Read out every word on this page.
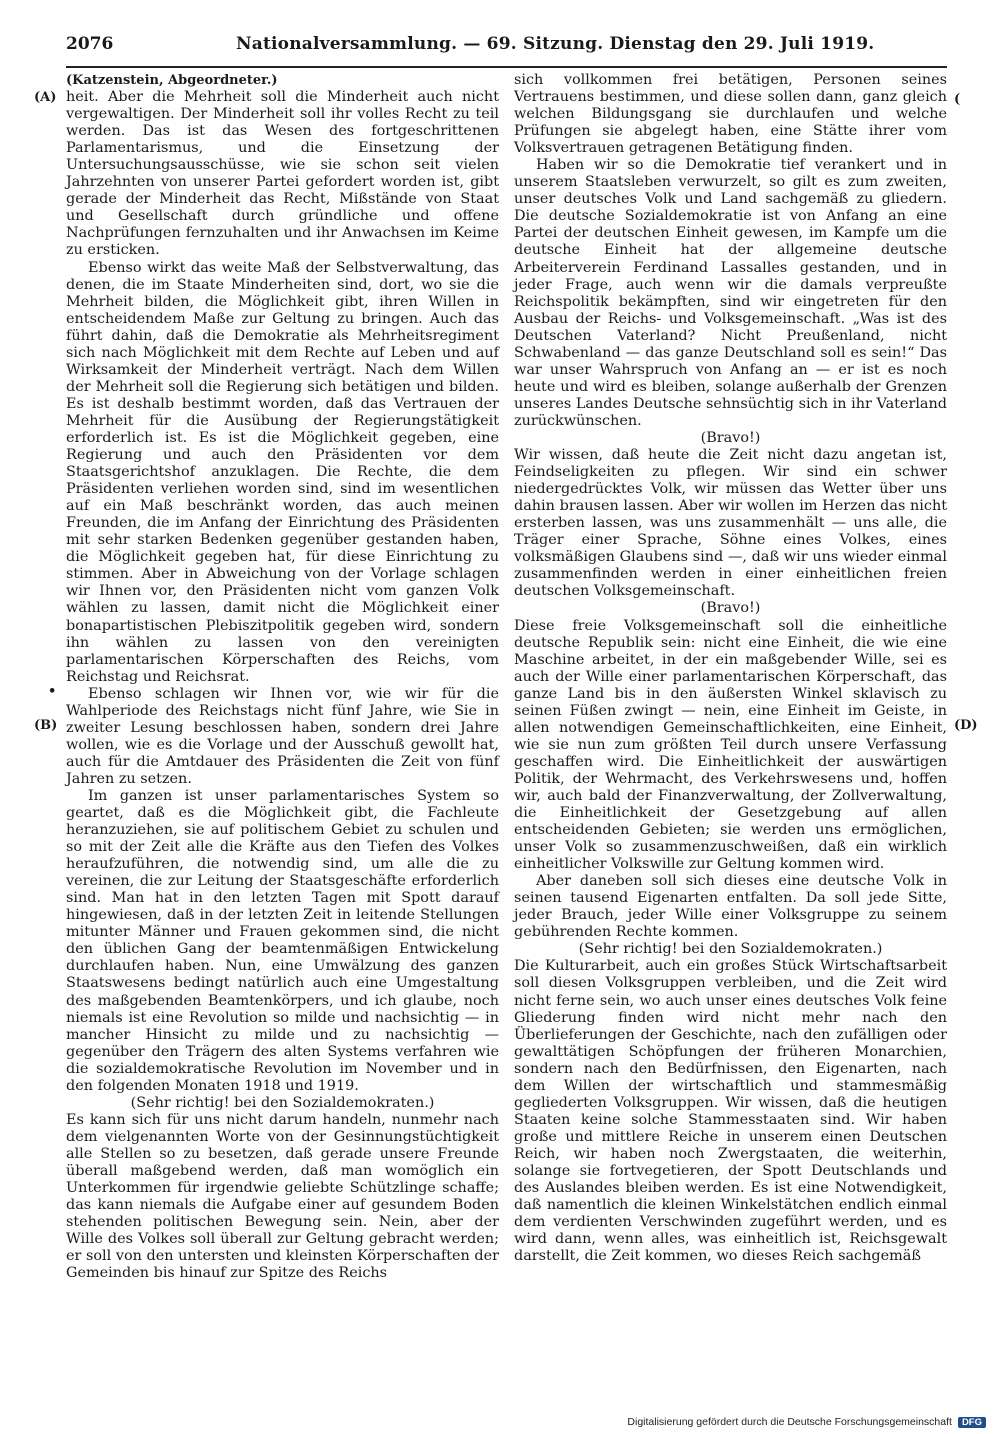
2076	Nationalversammlung. — 69. Sitzung. Dienstag den 29. Juli 1919.
(A)
(B)
•
(D)
(

(Katzenstein, Abgeordneter.)

heit. Aber die Mehrheit soll die Minderheit auch nicht vergewaltigen. Der Minderheit soll ihr volles Recht zu teil werden. Das ist das Wesen des fortgeschrittenen Parlamentarismus, und die Einsetzung der Untersuchungsausschüsse, wie sie schon seit vielen Jahrzehnten von unserer Partei gefordert worden ist, gibt gerade der Minderheit das Recht, Mißstände von Staat und Gesellschaft durch gründliche und offene Nachprüfungen fernzuhalten und ihr Anwachsen im Keime zu ersticken.

Ebenso wirkt das weite Maß der Selbstverwaltung, das denen, die im Staate Minderheiten sind, dort, wo sie die Mehrheit bilden, die Möglichkeit gibt, ihren Willen in entscheidendem Maße zur Geltung zu bringen. Auch das führt dahin, daß die Demokratie als Mehrheitsregiment sich nach Möglichkeit mit dem Rechte auf Leben und auf Wirksamkeit der Minderheit verträgt. Nach dem Willen der Mehrheit soll die Regierung sich betätigen und bilden. Es ist deshalb bestimmt worden, daß das Vertrauen der Mehrheit für die Ausübung der Regierungstätigkeit erforderlich ist. Es ist die Möglichkeit gegeben, eine Regierung und auch den Präsidenten vor dem Staatsgerichtshof anzuklagen. Die Rechte, die dem Präsidenten verliehen worden sind, sind im wesentlichen auf ein Maß beschränkt worden, das auch meinen Freunden, die im Anfang der Einrichtung des Präsidenten mit sehr starken Bedenken gegenüber gestanden haben, die Möglichkeit gegeben hat, für diese Einrichtung zu stimmen. Aber in Abweichung von der Vorlage schlagen wir Ihnen vor, den Präsidenten nicht vom ganzen Volk wählen zu lassen, damit nicht die Möglichkeit einer bonapartistischen Plebiszitpolitik gegeben wird, sondern ihn wählen zu lassen von den vereinigten parlamentarischen Körperschaften des Reichs, vom Reichstag und Reichsrat.

Ebenso schlagen wir Ihnen vor, wie wir für die Wahlperiode des Reichstags nicht fünf Jahre, wie Sie in zweiter Lesung beschlossen haben, sondern drei Jahre wollen, wie es die Vorlage und der Ausschuß gewollt hat, auch für die Amtdauer des Präsidenten die Zeit von fünf Jahren zu setzen.

Im ganzen ist unser parlamentarisches System so geartet, daß es die Möglichkeit gibt, die Fachleute heranzuziehen, sie auf politischem Gebiet zu schulen und so mit der Zeit alle die Kräfte aus den Tiefen des Volkes heraufzuführen, die notwendig sind, um alle die zu vereinen, die zur Leitung der Staatsgeschäfte erforderlich sind. Man hat in den letzten Tagen mit Spott darauf hingewiesen, daß in der letzten Zeit in leitende Stellungen mitunter Männer und Frauen gekommen sind, die nicht den üblichen Gang der beamtenmäßigen Entwickelung durchlaufen haben. Nun, eine Umwälzung des ganzen Staatswesens bedingt natürlich auch eine Umgestaltung des maßgebenden Beamtenkörpers, und ich glaube, noch niemals ist eine Revolution so milde und nachsichtig — in mancher Hinsicht zu milde und zu nachsichtig — gegenüber den Trägern des alten Systems verfahren wie die sozialdemokratische Revolution im November und in den folgenden Monaten 1918 und 1919.

(Sehr richtig! bei den Sozialdemokraten.)

Es kann sich für uns nicht darum handeln, nunmehr nach dem vielgenannten Worte von der Gesinnungstüchtigkeit alle Stellen so zu besetzen, daß gerade unsere Freunde überall maßgebend werden, daß man womöglich ein Unterkommen für irgendwie geliebte Schützlinge schaffe; das kann niemals die Aufgabe einer auf gesundem Boden stehenden politischen Bewegung sein. Nein, aber der Wille des Volkes soll überall zur Geltung gebracht werden; er soll von den untersten und kleinsten Körperschaften der Gemeinden bis hinauf zur Spitze des Reichs

sich vollkommen frei betätigen, Personen seines Vertrauens bestimmen, und diese sollen dann, ganz gleich welchen Bildungsgang sie durchlaufen und welche Prüfungen sie abgelegt haben, eine Stätte ihrer vom Volksvertrauen getragenen Betätigung finden.

Haben wir so die Demokratie tief verankert und in unserem Staatsleben verwurzelt, so gilt es zum zweiten, unser deutsches Volk und Land sachgemäß zu gliedern. Die deutsche Sozialdemokratie ist von Anfang an eine Partei der deutschen Einheit gewesen, im Kampfe um die deutsche Einheit hat der allgemeine deutsche Arbeiterverein Ferdinand Lassalles gestanden, und in jeder Frage, auch wenn wir die damals verpreußte Reichspolitik bekämpften, sind wir eingetreten für den Ausbau der Reichs- und Volksgemeinschaft. „Was ist des Deutschen Vaterland? Nicht Preußenland, nicht Schwabenland — das ganze Deutschland soll es sein!“ Das war unser Wahrspruch von Anfang an — er ist es noch heute und wird es bleiben, solange außerhalb der Grenzen unseres Landes Deutsche sehnsüchtig sich in ihr Vaterland zurückwünschen.

(Bravo!)

Wir wissen, daß heute die Zeit nicht dazu angetan ist, Feindseligkeiten zu pflegen. Wir sind ein schwer niedergedrücktes Volk, wir müssen das Wetter über uns dahin brausen lassen. Aber wir wollen im Herzen das nicht ersterben lassen, was uns zusammenhält — uns alle, die Träger einer Sprache, Söhne eines Volkes, eines volksmäßigen Glaubens sind —, daß wir uns wieder einmal zusammenfinden werden in einer einheitlichen freien deutschen Volksgemeinschaft.

(Bravo!)

Diese freie Volksgemeinschaft soll die einheitliche deutsche Republik sein: nicht eine Einheit, die wie eine Maschine arbeitet, in der ein maßgebender Wille, sei es auch der Wille einer parlamentarischen Körperschaft, das ganze Land bis in den äußersten Winkel sklavisch zu seinen Füßen zwingt — nein, eine Einheit im Geiste, in allen notwendigen Gemeinschaftlichkeiten, eine Einheit, wie sie nun zum größten Teil durch unsere Verfassung geschaffen wird. Die Einheitlichkeit der auswärtigen Politik, der Wehrmacht, des Verkehrswesens und, hoffen wir, auch bald der Finanzverwaltung, der Zollverwaltung, die Einheitlichkeit der Gesetzgebung auf allen entscheidenden Gebieten; sie werden uns ermöglichen, unser Volk so zusammenzuschweißen, daß ein wirklich einheitlicher Volkswille zur Geltung kommen wird.

Aber daneben soll sich dieses eine deutsche Volk in seinen tausend Eigenarten entfalten. Da soll jede Sitte, jeder Brauch, jeder Wille einer Volksgruppe zu seinem gebührenden Rechte kommen.

(Sehr richtig! bei den Sozialdemokraten.)

Die Kulturarbeit, auch ein großes Stück Wirtschaftsarbeit soll diesen Volksgruppen verbleiben, und die Zeit wird nicht ferne sein, wo auch unser eines deutsches Volk feine Gliederung finden wird nicht mehr nach den Überlieferungen der Geschichte, nach den zufälligen oder gewalttätigen Schöpfungen der früheren Monarchien, sondern nach den Bedürfnissen, den Eigenarten, nach dem Willen der wirtschaftlich und stammesmäßig gegliederten Volksgruppen. Wir wissen, daß die heutigen Staaten keine solche Stammesstaaten sind. Wir haben große und mittlere Reiche in unserem einen Deutschen Reich, wir haben noch Zwergstaaten, die weiterhin, solange sie fortvegetieren, der Spott Deutschlands und des Auslandes bleiben werden. Es ist eine Notwendigkeit, daß namentlich die kleinen Winkelstätchen endlich einmal dem verdienten Verschwinden zugeführt werden, und es wird dann, wenn alles, was einheitlich ist, Reichsgewalt darstellt, die Zeit kommen, wo dieses Reich sachgemäß

Digitalisierung gefördert durch die Deutsche Forschungsgemeinschaft	DFG
